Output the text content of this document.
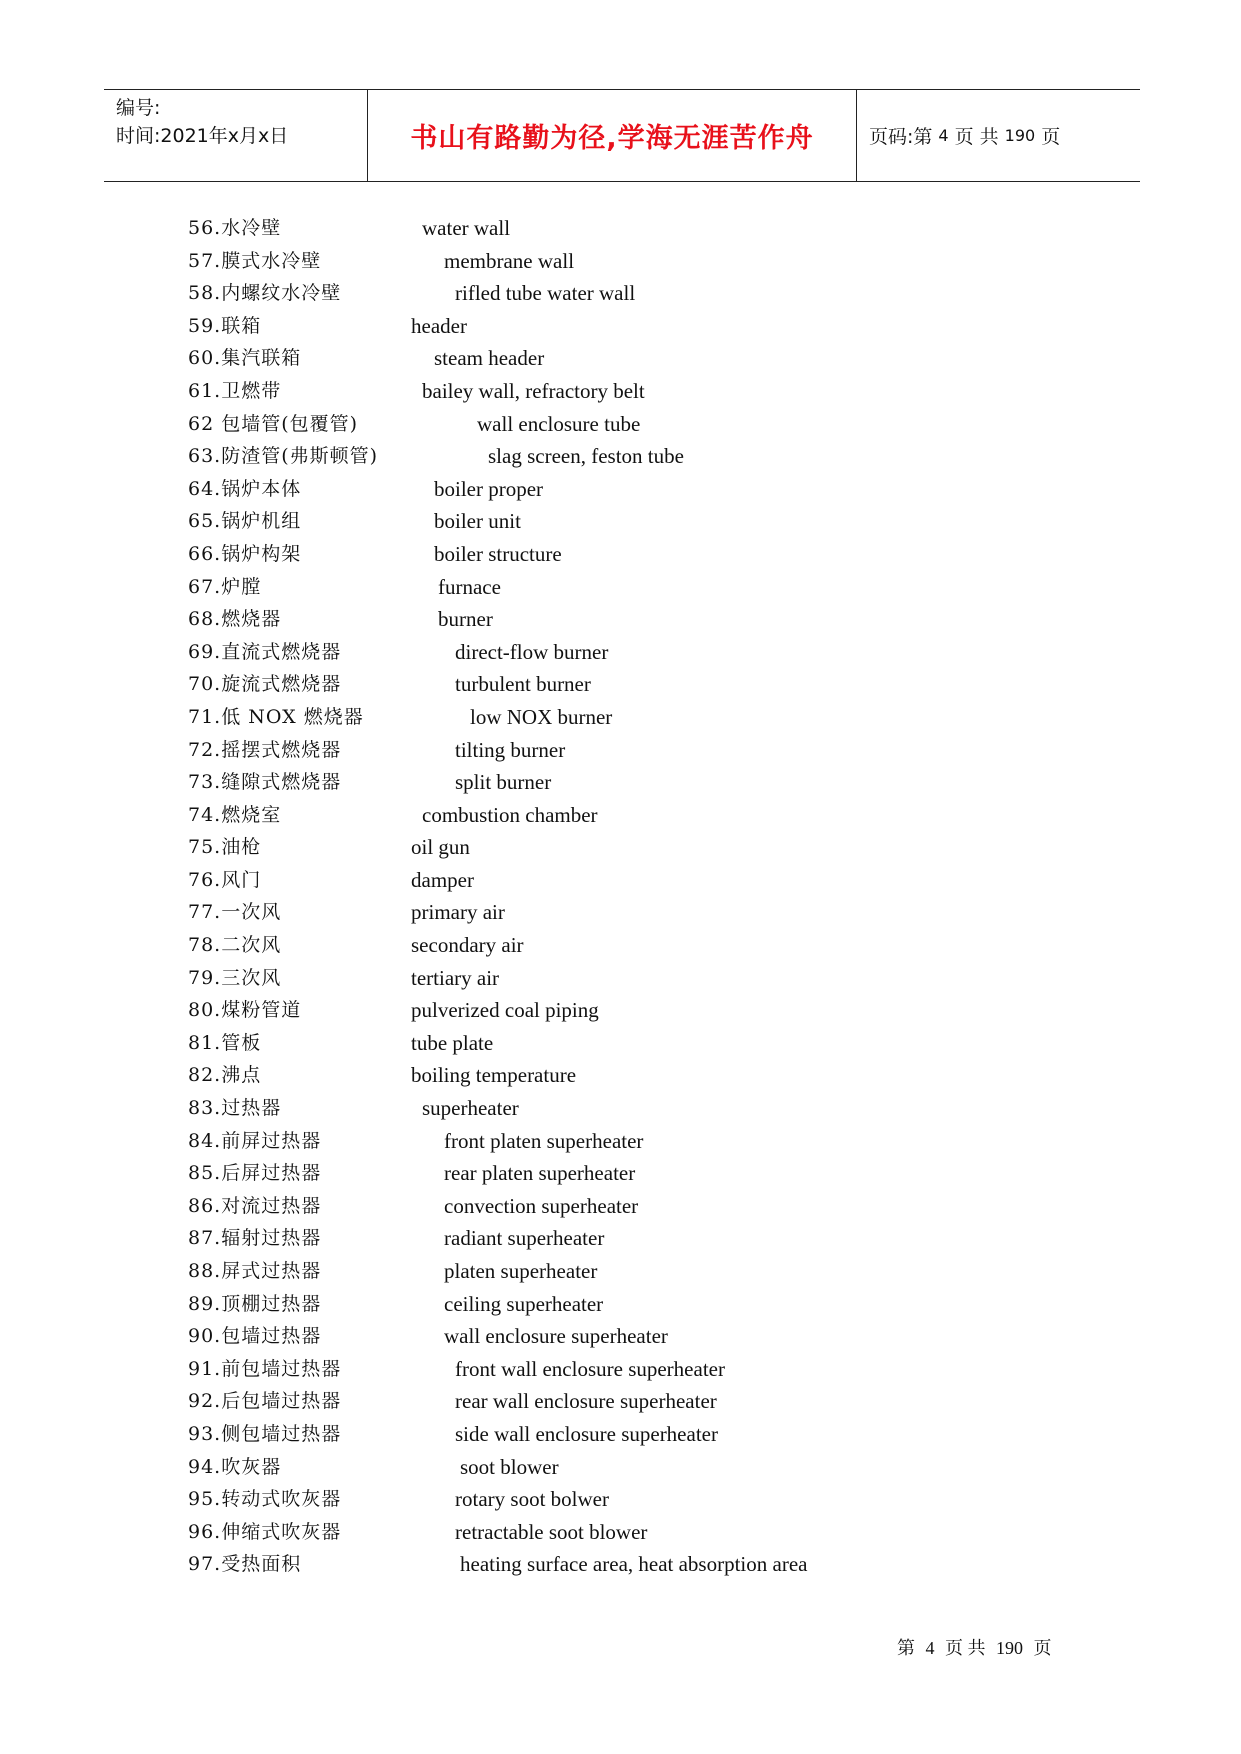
编号:
时间:2021年x月x日	书山有路勤为径,学海无涯苦作舟	页码:第 4 页 共 190 页
56.水冷壁	water wall
57.膜式水冷壁	membrane wall
58.内螺纹水冷壁	rifled tube water wall
59.联箱	header
60.集汽联箱	steam header
61.卫燃带	bailey wall, refractory belt
62 包墙管(包覆管)	wall enclosure tube
63.防渣管(弗斯顿管)	slag screen, feston tube
64.锅炉本体	boiler proper
65.锅炉机组	boiler unit
66.锅炉构架	boiler structure
67.炉膛	furnace
68.燃烧器	burner
69.直流式燃烧器	direct-flow burner
70.旋流式燃烧器	turbulent burner
71.低 NOX 燃烧器	low NOX burner
72.摇摆式燃烧器	tilting burner
73.缝隙式燃烧器	split burner
74.燃烧室	combustion chamber
75.油枪	oil gun
76.风门	damper
77.一次风	primary air
78.二次风	secondary air
79.三次风	tertiary air
80.煤粉管道	pulverized coal piping
81.管板	tube plate
82.沸点	boiling temperature
83.过热器	superheater
84.前屏过热器	front platen superheater
85.后屏过热器	rear platen superheater
86.对流过热器	convection superheater
87.辐射过热器	radiant superheater
88.屏式过热器	platen superheater
89.顶棚过热器	ceiling superheater
90.包墙过热器	wall enclosure superheater
91.前包墙过热器	front wall enclosure superheater
92.后包墙过热器	rear wall enclosure superheater
93.侧包墙过热器	side wall enclosure superheater
94.吹灰器	soot blower
95.转动式吹灰器	rotary soot bolwer
96.伸缩式吹灰器	retractable soot blower
97.受热面积	heating surface area, heat absorption area
第 4 页 共 190 页
